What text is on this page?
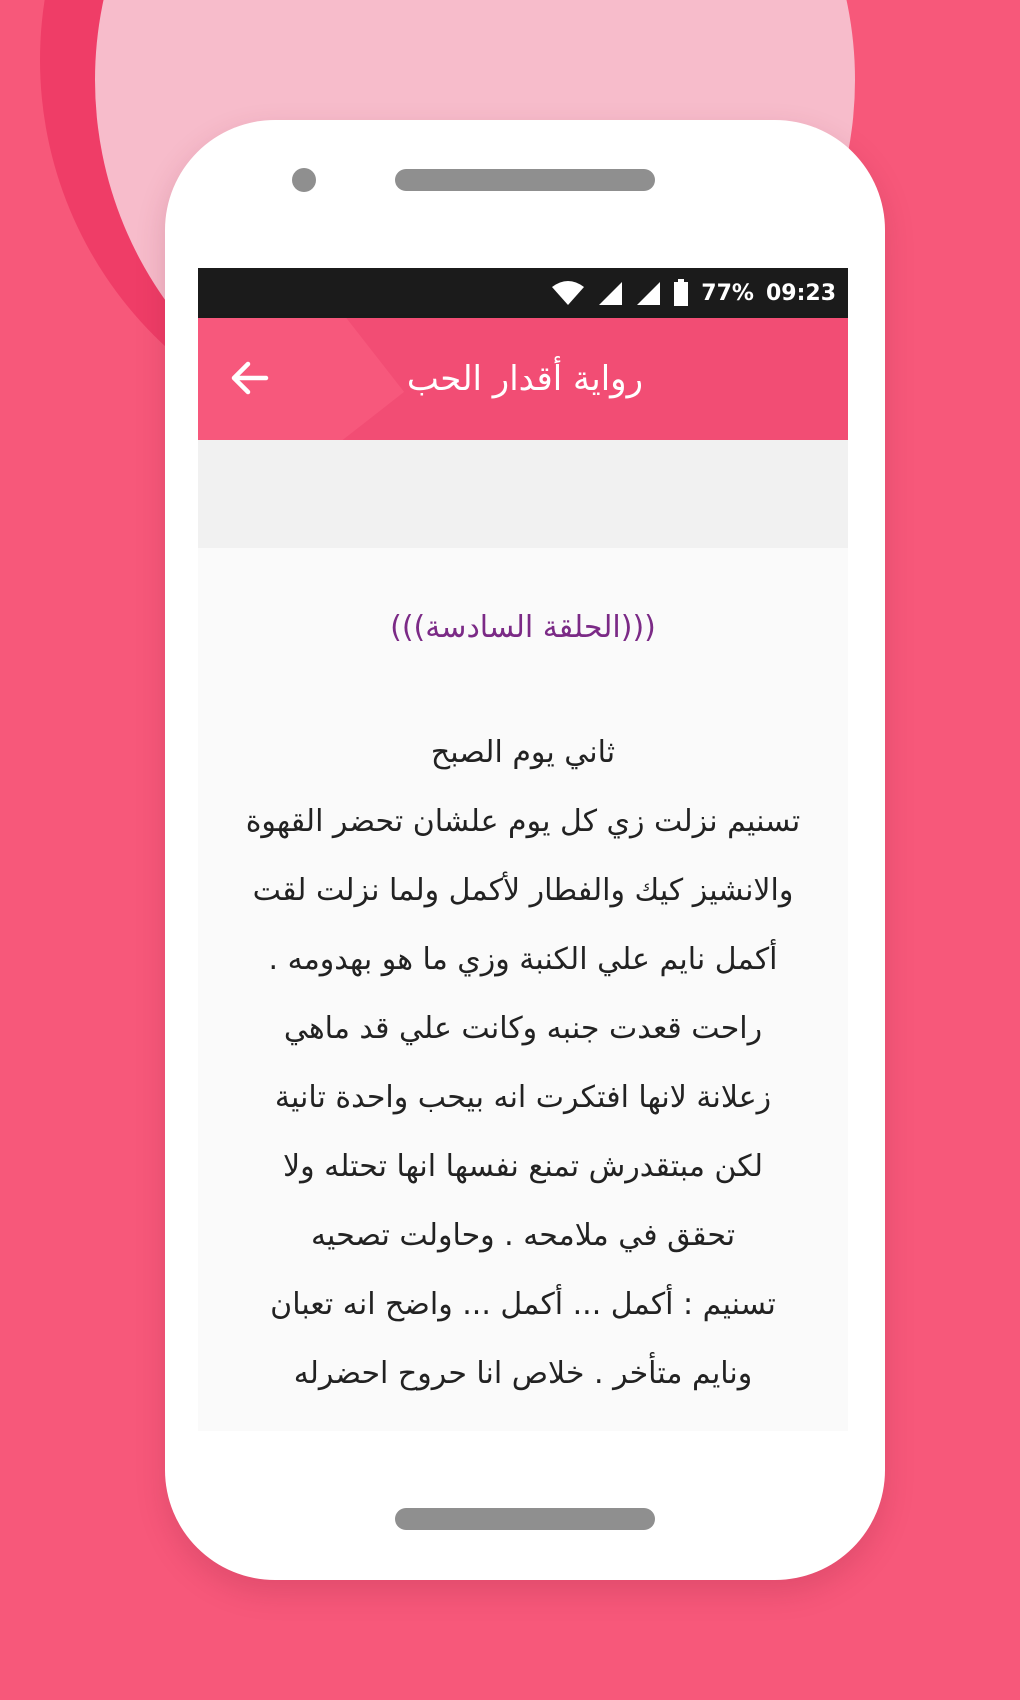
77% 09:23
رواية أقدار الحب
(((الحلقة السادسة)))
ثاني يوم الصبح
تسنيم نزلت زي كل يوم علشان تحضر القهوة
والانشيز كيك والفطار لأكمل ولما نزلت لقت
أكمل نايم علي الكنبة وزي ما هو بهدومه .
راحت قعدت جنبه وكانت علي قد ماهي
زعلانة لانها افتكرت انه بيحب واحدة تانية
لكن مبتقدرش تمنع نفسها انها تحتله ولا
تحقق في ملامحه . وحاولت تصحيه
تسنيم : أكمل ... أكمل ... واضح انه تعبان
ونايم متأخر . خلاص انا حروح احضرله
